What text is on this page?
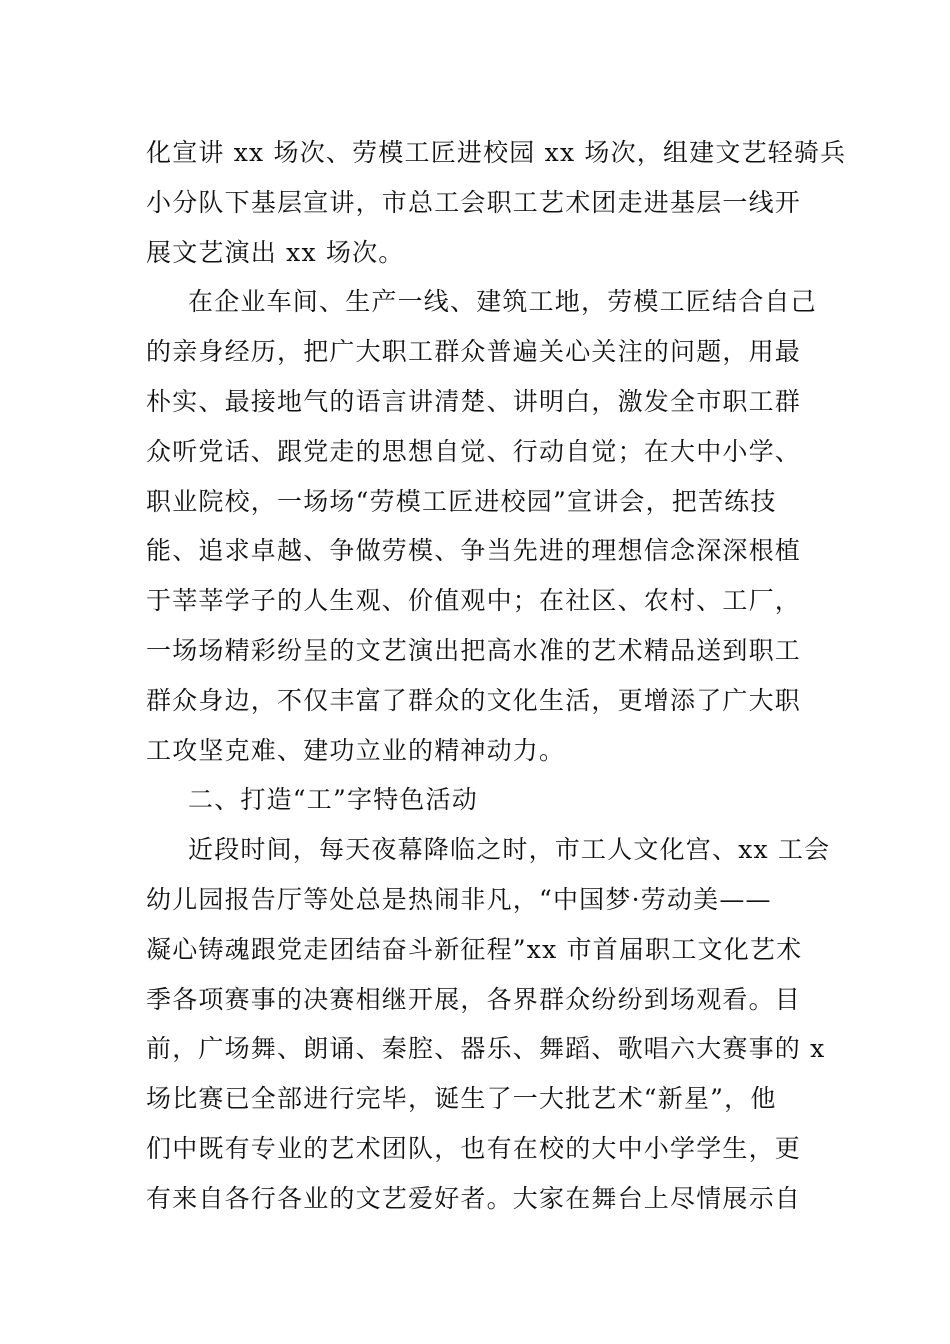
化宣讲 xx 场次、劳模工匠进校园 xx 场次，组建文艺轻骑兵
小分队下基层宣讲，市总工会职工艺术团走进基层一线开
展文艺演出 xx 场次。
在企业车间、生产一线、建筑工地，劳模工匠结合自己
的亲身经历，把广大职工群众普遍关心关注的问题，用最
朴实、最接地气的语言讲清楚、讲明白，激发全市职工群
众听党话、跟党走的思想自觉、行动自觉；在大中小学、
职业院校，一场场“劳模工匠进校园”宣讲会，把苦练技
能、追求卓越、争做劳模、争当先进的理想信念深深根植
于莘莘学子的人生观、价值观中；在社区、农村、工厂，
一场场精彩纷呈的文艺演出把高水准的艺术精品送到职工
群众身边，不仅丰富了群众的文化生活，更增添了广大职
工攻坚克难、建功立业的精神动力。
二、打造“工”字特色活动
近段时间，每天夜幕降临之时，市工人文化宫、xx 工会
幼儿园报告厅等处总是热闹非凡，“中国梦·劳动美——
凝心铸魂跟党走团结奋斗新征程”xx 市首届职工文化艺术
季各项赛事的决赛相继开展，各界群众纷纷到场观看。目
前，广场舞、朗诵、秦腔、器乐、舞蹈、歌唱六大赛事的 x
场比赛已全部进行完毕，诞生了一大批艺术“新星”，他
们中既有专业的艺术团队，也有在校的大中小学学生，更
有来自各行各业的文艺爱好者。大家在舞台上尽情展示自
